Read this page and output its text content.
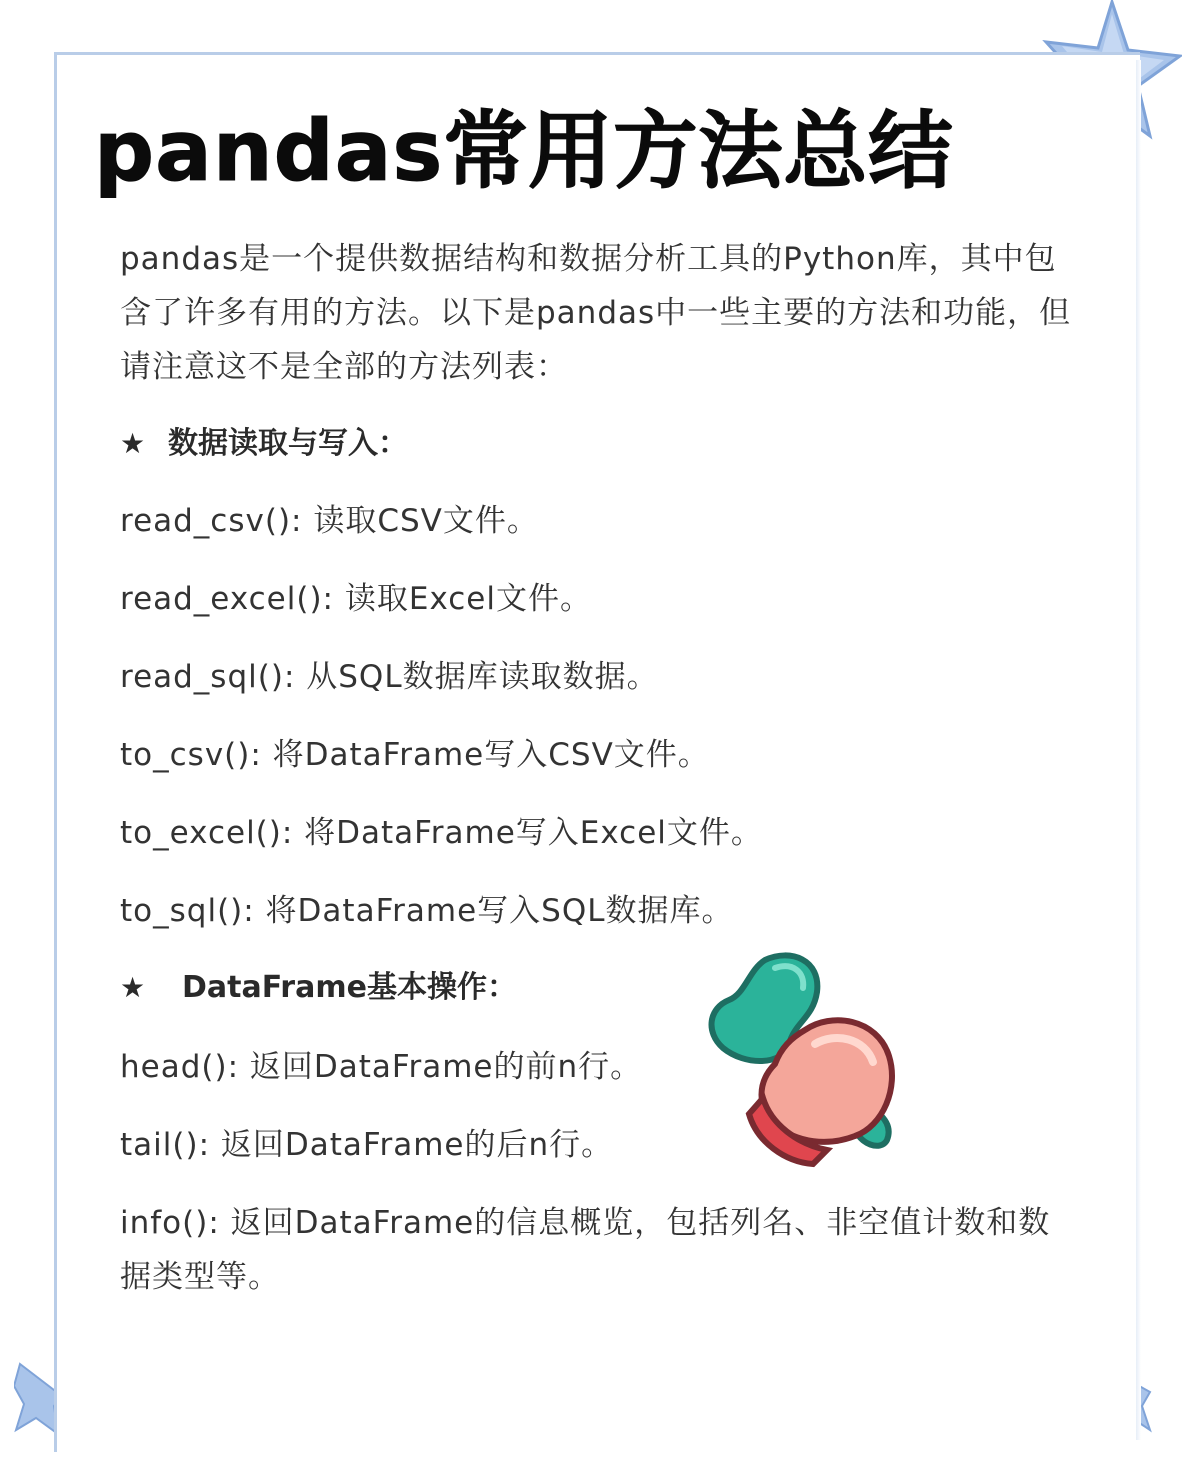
pandas常用方法总结

pandas是一个提供数据结构和数据分析工具的Python库，其中包含了许多有用的方法。以下是pandas中一些主要的方法和功能，但请注意这不是全部的方法列表：

★ 数据读取与写入：

read_csv(): 读取CSV文件。

read_excel(): 读取Excel文件。

read_sql(): 从SQL数据库读取数据。

to_csv(): 将DataFrame写入CSV文件。

to_excel(): 将DataFrame写入Excel文件。

to_sql(): 将DataFrame写入SQL数据库。

★ DataFrame基本操作：

head(): 返回DataFrame的前n行。

tail(): 返回DataFrame的后n行。

info(): 返回DataFrame的信息概览，包括列名、非空值计数和数据类型等。
